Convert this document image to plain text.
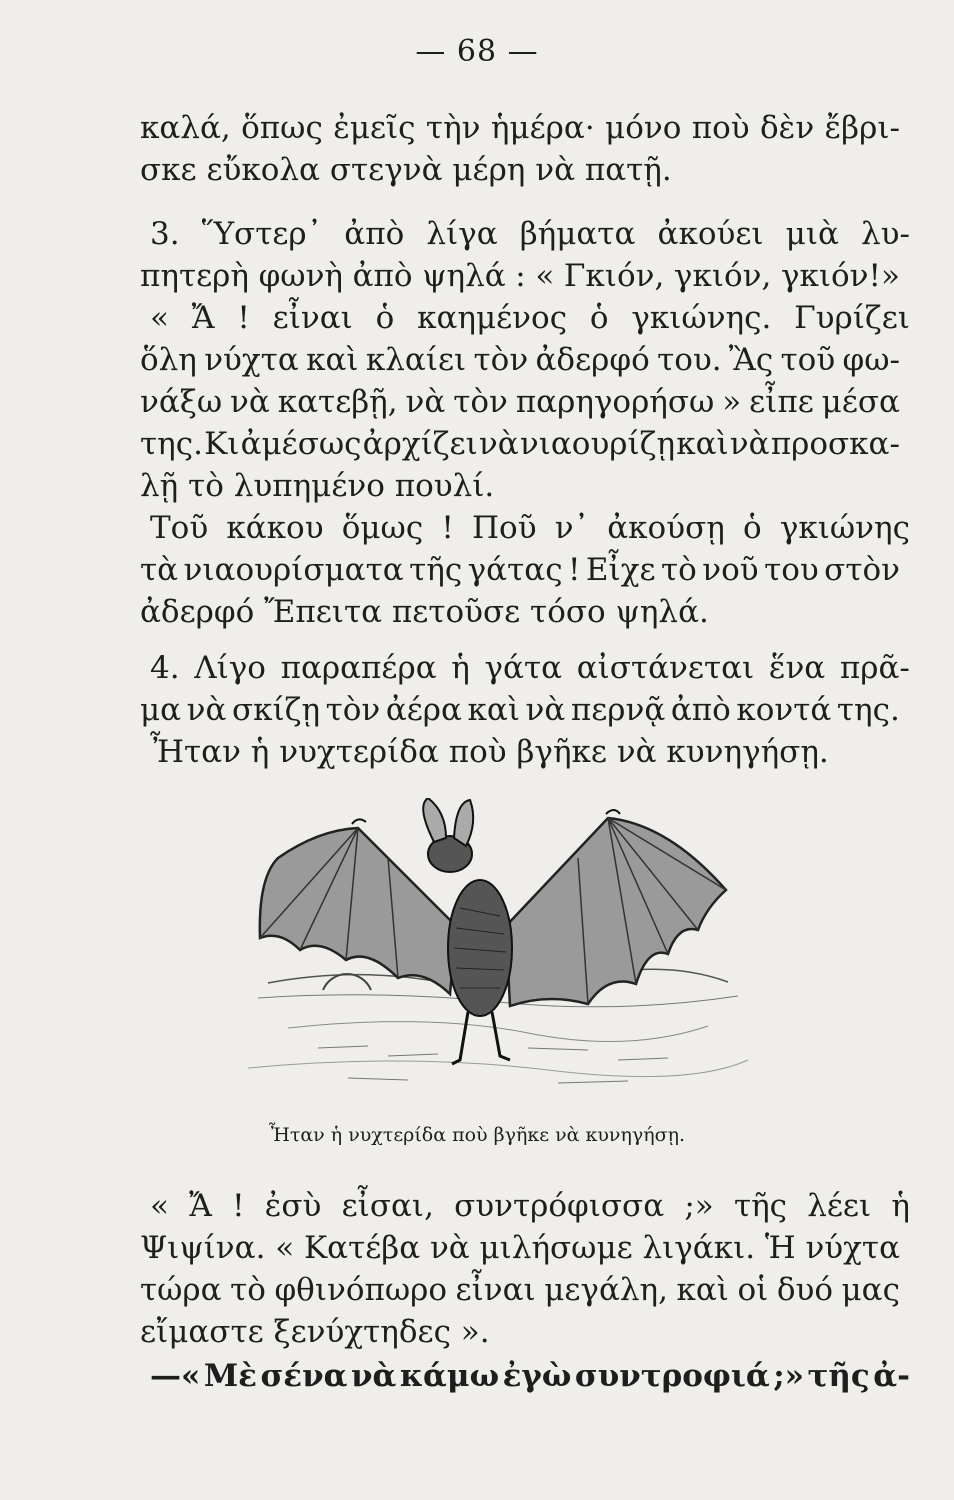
— 68 —
καλά, ὅπως ἐμεῖς τὴν ἡμέρα· μόνο ποὺ δὲν ἔβρι-
σκε εὔκολα στεγνὰ μέρη νὰ πατῇ.
3. Ὕστερ᾽ ἀπὸ λίγα βήματα ἀκούει μιὰ λυ-
πητερὴ φωνὴ ἀπὸ ψηλά : « Γκιόν, γκιόν, γκιόν!»
« Ἄ ! εἶναι ὁ καημένος ὁ γκιώνης. Γυρίζει
ὅλη νύχτα καὶ κλαίει τὸν ἀδερφό του. Ἂς τοῦ φω-
νάξω νὰ κατεβῇ, νὰ τὸν παρηγορήσω » εἶπε μέσα
της. Κι ἀμέσως ἀρχίζει νὰ νιαουρίζῃ καὶ νὰ προσκα-
λῇ τὸ λυπημένο πουλί.
Τοῦ κάκου ὅμως ! Ποῦ ν᾽ ἀκούσῃ ὁ γκιώνης
τὰ νιαουρίσματα τῆς γάτας ! Εἶχε τὸ νοῦ του στὸν
ἀδερφό Ἔπειτα πετοῦσε τόσο ψηλά.
4. Λίγο παραπέρα ἡ γάτα αἰστάνεται ἕνα πρᾶ-
μα νὰ σκίζῃ τὸν ἀέρα καὶ νὰ περνᾷ ἀπὸ κοντά της.
Ἦταν ἡ νυχτερίδα ποὺ βγῆκε νὰ κυνηγήσῃ.
Ἦταν ἡ νυχτερίδα ποὺ βγῆκε νὰ κυνηγήσῃ.
« Ἄ ! ἐσὺ εἶσαι, συντρόφισσα ;» τῆς λέει ἡ
Ψιψίνα. « Κατέβα νὰ μιλήσωμε λιγάκι. Ἡ νύχτα
τώρα τὸ φθινόπωρο εἶναι μεγάλη, καὶ οἱ δυό μας
εἴμαστε ξενύχτηδες ».
—« Μὲ σένα νὰ κάμω ἐγὼ συντροφιά ;» τῆς ἀ-
